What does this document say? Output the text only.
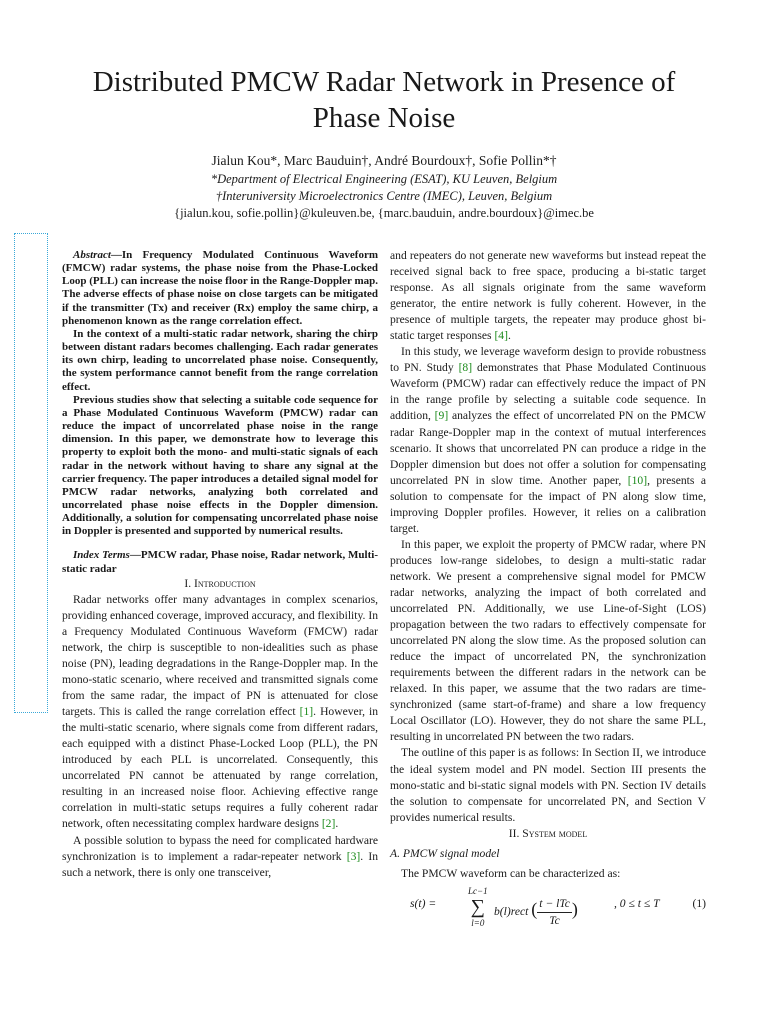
Distributed PMCW Radar Network in Presence of
Phase Noise
Jialun Kou*, Marc Bauduin†, André Bourdoux†, Sofie Pollin*†
*Department of Electrical Engineering (ESAT), KU Leuven, Belgium
†Interuniversity Microelectronics Centre (IMEC), Leuven, Belgium
{jialun.kou, sofie.pollin}@kuleuven.be, {marc.bauduin, andre.bourdoux}@imec.be

Abstract—In Frequency Modulated Continuous Waveform (FMCW) radar systems, the phase noise from the Phase-Locked Loop (PLL) can increase the noise floor in the Range-Doppler map. The adverse effects of phase noise on close targets can be mitigated if the transmitter (Tx) and receiver (Rx) employ the same chirp, a phenomenon known as the range correlation effect.

In the context of a multi-static radar network, sharing the chirp between distant radars becomes challenging. Each radar generates its own chirp, leading to uncorrelated phase noise. Consequently, the system performance cannot benefit from the range correlation effect.

Previous studies show that selecting a suitable code sequence for a Phase Modulated Continuous Waveform (PMCW) radar can reduce the impact of uncorrelated phase noise in the range dimension. In this paper, we demonstrate how to leverage this property to exploit both the mono- and multi-static signals of each radar in the network without having to share any signal at the carrier frequency. The paper introduces a detailed signal model for PMCW radar networks, analyzing both correlated and uncorrelated phase noise effects in the Doppler dimension. Additionally, a solution for compensating uncorrelated phase noise in Doppler is presented and supported by numerical results.

Index Terms—PMCW radar, Phase noise, Radar network, Multi-static radar

I. Introduction

Radar networks offer many advantages in complex scenarios, providing enhanced coverage, improved accuracy, and flexibility. In a Frequency Modulated Continuous Waveform (FMCW) radar network, the chirp is susceptible to non-idealities such as phase noise (PN), leading degradations in the Range-Doppler map. In the mono-static scenario, where received and transmitted signals come from the same radar, the impact of PN is attenuated for close targets. This is called the range correlation effect [1]. However, in the multi-static scenario, where signals come from different radars, each equipped with a distinct Phase-Locked Loop (PLL), the PN introduced by each PLL is uncorrelated. Consequently, this uncorrelated PN cannot be attenuated by range correlation, resulting in an increased noise floor. Achieving effective range correlation in multi-static setups requires a fully coherent radar network, often necessitating complex hardware designs [2].

A possible solution to bypass the need for complicated hardware synchronization is to implement a radar-repeater network [3]. In such a network, there is only one transceiver,

and repeaters do not generate new waveforms but instead repeat the received signal back to free space, producing a bi-static target response. As all signals originate from the same waveform generator, the entire network is fully coherent. However, in the presence of multiple targets, the repeater may produce ghost bi-static target responses [4].

In this study, we leverage waveform design to provide robustness to PN. Study [8] demonstrates that Phase Modulated Continuous Waveform (PMCW) radar can effectively reduce the impact of PN in the range profile by selecting a suitable code sequence. In addition, [9] analyzes the effect of uncorrelated PN on the PMCW radar Range-Doppler map in the context of mutual interferences scenario. It shows that uncorrelated PN can produce a ridge in the Doppler dimension but does not offer a solution for compensating uncorrelated PN in slow time. Another paper, [10], presents a solution to compensate for the impact of PN along slow time, improving Doppler profiles. However, it relies on a calibration target.

In this paper, we exploit the property of PMCW radar, where PN produces low-range sidelobes, to design a multi-static radar network. We present a comprehensive signal model for PMCW radar networks, analyzing the impact of both correlated and uncorrelated PN. Additionally, we use Line-of-Sight (LOS) propagation between the two radars to effectively compensate for uncorrelated PN along the slow time. As the proposed solution can reduce the impact of uncorrelated PN, the synchronization requirements between the different radars in the network can be relaxed. In this paper, we assume that the two radars are time-synchronized (same start-of-frame) and share a low frequency Local Oscillator (LO). However, they do not share the same PLL, resulting in uncorrelated PN between the two radars.

The outline of this paper is as follows: In Section II, we introduce the ideal system model and PN model. Section III presents the mono-static and bi-static signal models with PN. Section IV details the solution to compensate for uncorrelated PN, and Section V provides numerical results.

II. System model

A. PMCW signal model

The PMCW waveform can be characterized as:

s(t) =
Lc−1
∑
l=0
b(l)rect ( $\frac{\text{t − lTc}}{Tc}$ )	, 0 ≤ t ≤ T	(1)
